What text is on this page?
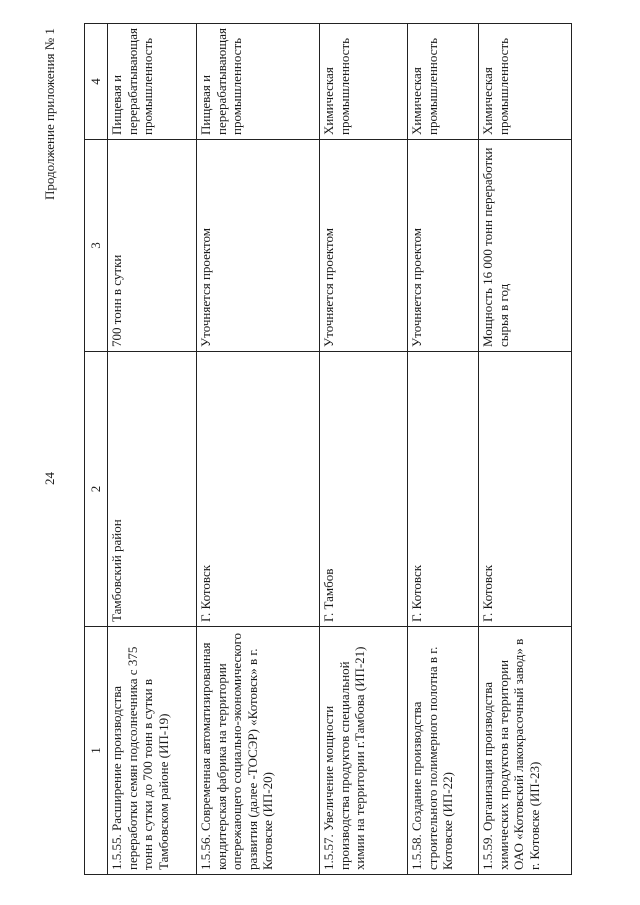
24
Продолжение приложения № 1
1	2	3	4
1.5.55. Расширение производства переработки семян подсолнечника с 375 тонн в сутки до 700 тонн в сутки в Тамбовском районе (ИП-19)	Тамбовский район	700 тонн в сутки	Пищевая и перерабатывающая промышленность
1.5.56. Современная автоматизированная кондитерская фабрика на территории опережающего социально-экономического развития (далее -ТОСЭР) «Котовск» в г. Котовске (ИП-20)	Г. Котовск	Уточняется проектом	Пищевая и перерабатывающая промышленность
1.5.57. Увеличение мощности производства продуктов специальной химии на территории г.Тамбова (ИП-21)	Г. Тамбов	Уточняется проектом	Химическая промышленность
1.5.58. Создание производства строительного полимерного полотна в г. Котовске (ИП-22)	Г. Котовск	Уточняется проектом	Химическая промышленность
1.5.59. Организация производства химических продуктов на территории ОАО «Котовский лакокрасочный завод» в г. Котовске (ИП-23)	Г. Котовск	Мощность 16 000 тонн переработки сырья в год	Химическая промышленность
